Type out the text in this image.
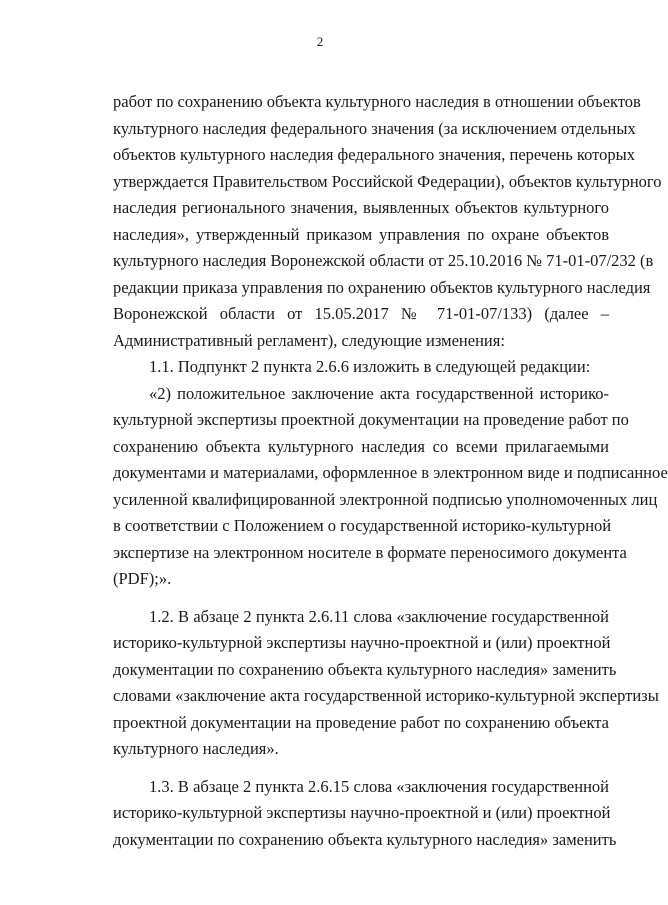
2
работ по сохранению объекта культурного наследия в отношении объектов
культурного наследия федерального значения (за исключением отдельных
объектов культурного наследия федерального значения, перечень которых
утверждается Правительством Российской Федерации), объектов культурного
наследия регионального значения, выявленных объектов культурного
наследия», утвержденный приказом управления по охране объектов
культурного наследия Воронежской области от 25.10.2016 № 71-01-07/232 (в
редакции приказа управления по охранению объектов культурного наследия
Воронежской области от 15.05.2017 № 71-01-07/133) (далее –
Административный регламент), следующие изменения:
1.1. Подпункт 2 пункта 2.6.6 изложить в следующей редакции:
«2) положительное заключение акта государственной историко-
культурной экспертизы проектной документации на проведение работ по
сохранению объекта культурного наследия со всеми прилагаемыми
документами и материалами, оформленное в электронном виде и подписанное
усиленной квалифицированной электронной подписью уполномоченных лиц
в соответствии с Положением о государственной историко-культурной
экспертизе на электронном носителе в формате переносимого документа
(PDF);».
1.2. В абзаце 2 пункта 2.6.11 слова «заключение государственной
историко-культурной экспертизы научно-проектной и (или) проектной
документации по сохранению объекта культурного наследия» заменить
словами «заключение акта государственной историко-культурной экспертизы
проектной документации на проведение работ по сохранению объекта
культурного наследия».
1.3. В абзаце 2 пункта 2.6.15 слова «заключения государственной
историко-культурной экспертизы научно-проектной и (или) проектной
документации по сохранению объекта культурного наследия» заменить
